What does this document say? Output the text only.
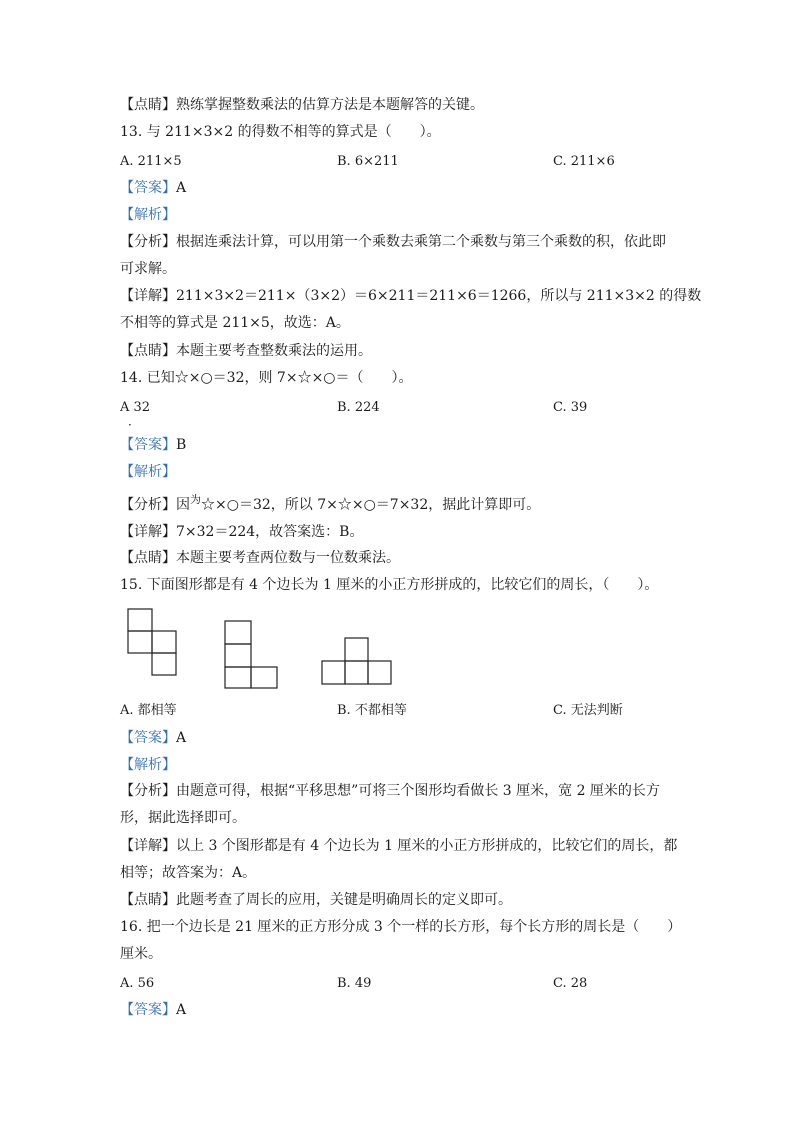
【点睛】熟练掌握整数乘法的估算方法是本题解答的关键。
13. 与 211×3×2 的得数不相等的算式是（　　）。
A. 211×5	B. 6×211	C. 211×6
【答案】A
【解析】
【分析】根据连乘法计算，可以用第一个乘数去乘第二个乘数与第三个乘数的积，依此即
可求解。
【详解】211×3×2＝211×（3×2）＝6×211＝211×6＝1266，所以与 211×3×2 的得数
不相等的算式是 211×5，故选：A。
【点睛】本题主要考查整数乘法的运用。
14. 已知☆×○＝32，则 7×☆×○＝（　　）。
A 32
·
B. 224	C. 39
【答案】B
【解析】
【分析】因$^为$☆×○＝32，所以 7×☆×○＝7×32，据此计算即可。
【详解】7×32＝224，故答案选：B。
【点睛】本题主要考查两位数与一位数乘法。
15. 下面图形都是有 4 个边长为 1 厘米的小正方形拼成的，比较它们的周长，（　　）。
A. 都相等	B. 不都相等	C. 无法判断
【答案】A
【解析】
【分析】由题意可得，根据“平移思想”可将三个图形均看做长 3 厘米，宽 2 厘米的长方
形，据此选择即可。
【详解】以上 3 个图形都是有 4 个边长为 1 厘米的小正方形拼成的，比较它们的周长，都
相等；故答案为：A。
【点睛】此题考查了周长的应用，关键是明确周长的定义即可。
16. 把一个边长是 21 厘米的正方形分成 3 个一样的长方形，每个长方形的周长是（　　）
厘米。
A. 56	B. 49	C. 28
【答案】A
